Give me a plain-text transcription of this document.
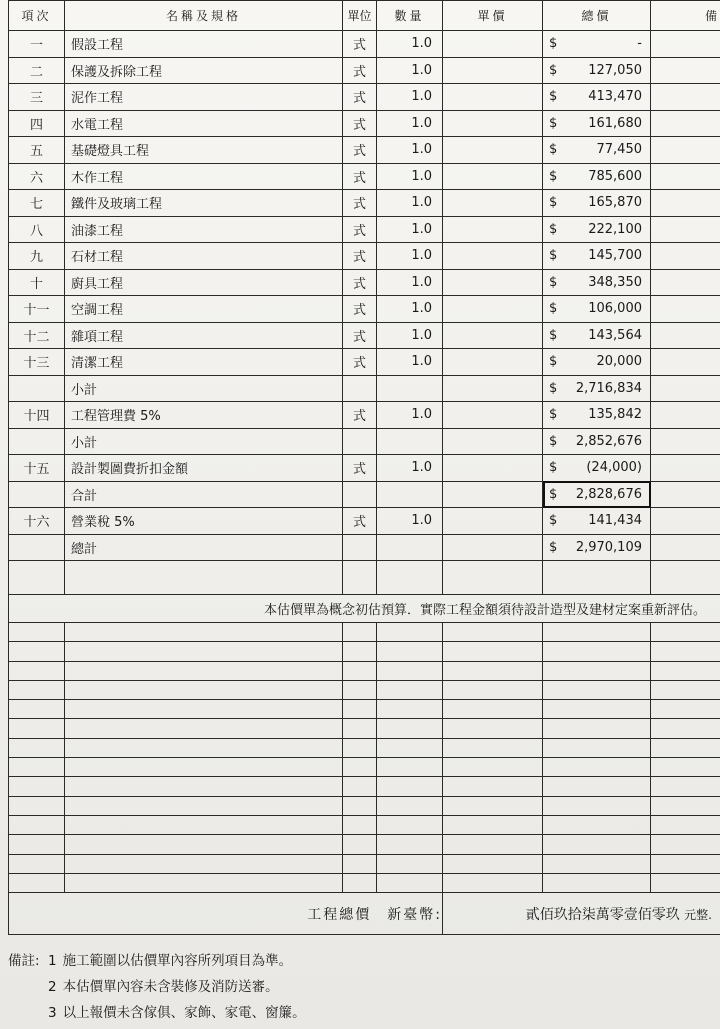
項次	名稱及規格	單位	數量	單價	總價	備
一	假設工程	式	1.0		$ -	

二	保護及拆除工程	式	1.0		$ 127,050	

三	泥作工程	式	1.0		$ 413,470	

四	水電工程	式	1.0		$ 161,680	

五	基礎燈具工程	式	1.0		$ 77,450	

六	木作工程	式	1.0		$ 785,600	

七	鐵件及玻璃工程	式	1.0		$ 165,870	

八	油漆工程	式	1.0		$ 222,100	

九	石材工程	式	1.0		$ 145,700	

十	廚具工程	式	1.0		$ 348,350	

十一	空調工程	式	1.0		$ 106,000	

十二	雜項工程	式	1.0		$ 143,564	

十三	清潔工程	式	1.0		$ 20,000	

	小計				$ 2,716,834	

十四	工程管理費 5%	式	1.0		$ 135,842	

	小計				$ 2,852,676	

十五	設計製圖費折扣金額	式	1.0		$ (24,000)	

	合計				$ 2,828,676	

十六	營業稅 5%	式	1.0		$ 141,434	

	總計				$ 2,970,109	

本估價單為概念初估預算．實際工程金額須待設計造型及建材定案重新評估。						

工程總價　新臺幣:				貳佰玖拾柒萬零壹佰零玖 元整.		
備註: 1 施工範圍以估價單內容所列項目為準。
2 本估價單內容未含裝修及消防送審。
3 以上報價未含傢俱、家飾、家電、窗簾。
